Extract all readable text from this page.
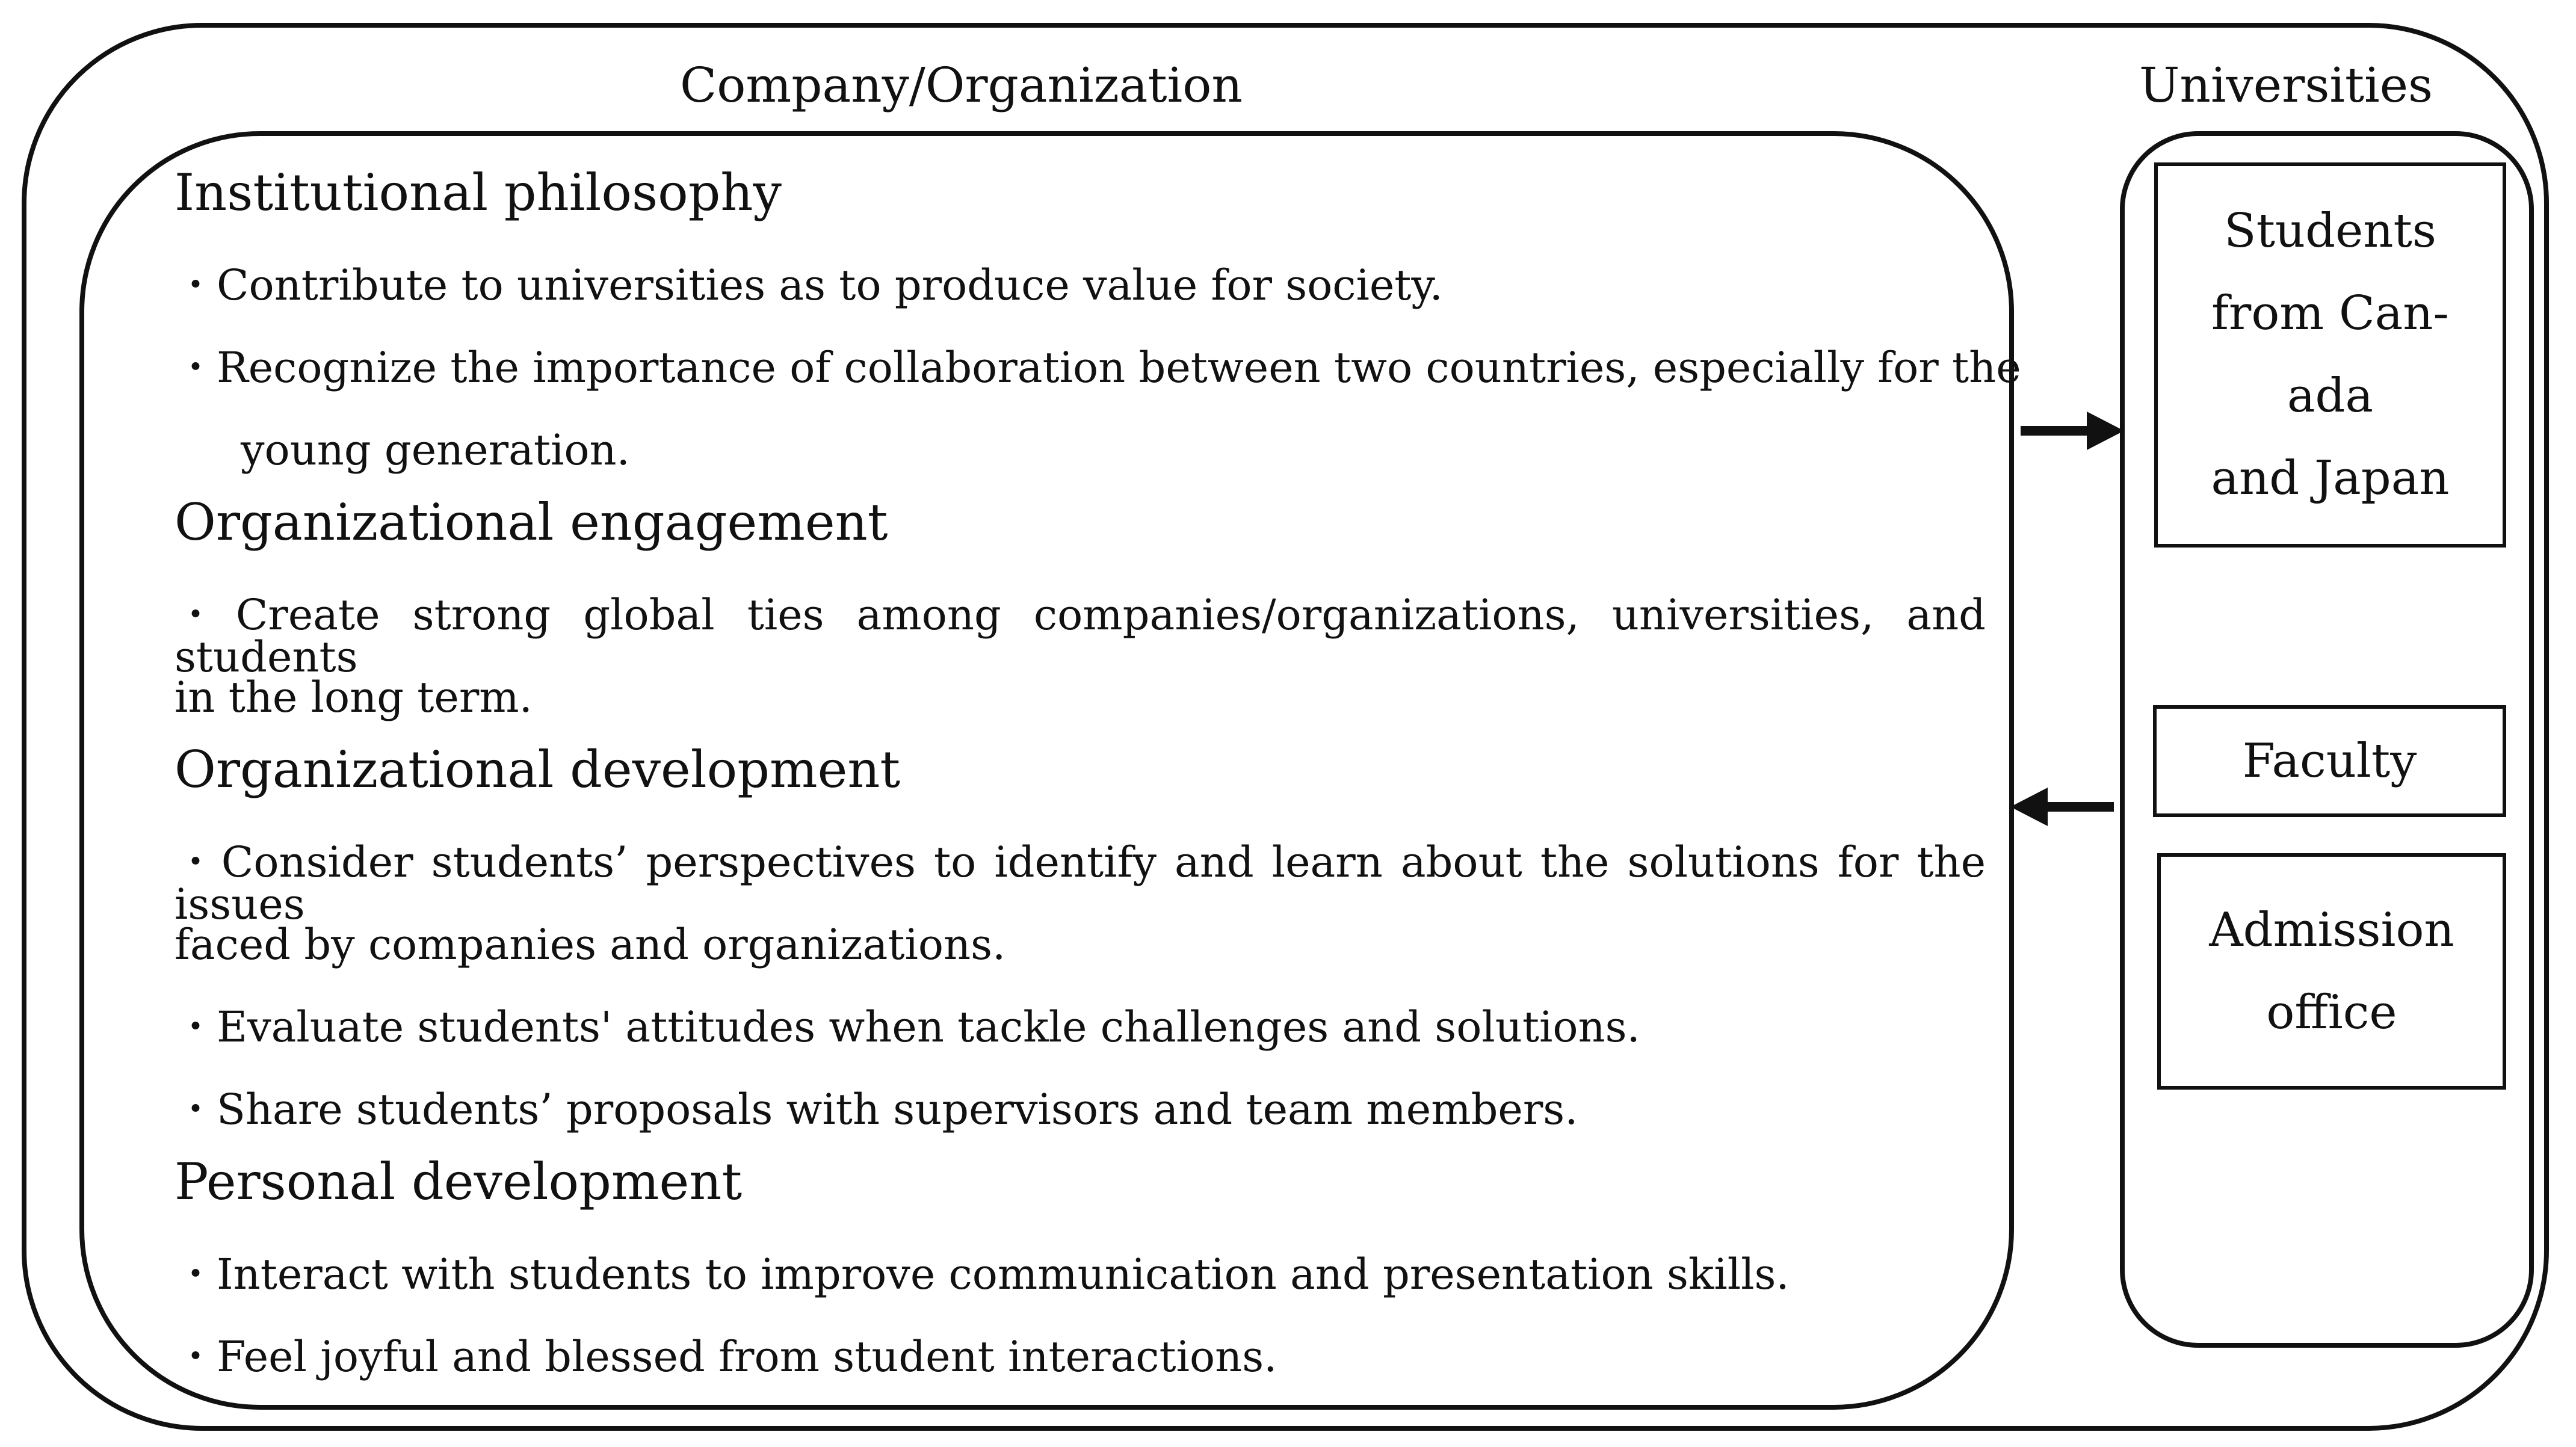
Company/Organization	Universities
Institutional philosophy
・Contribute to universities as to produce value for society.
・Recognize the importance of collaboration between two countries, especially for the
young generation.
Organizational engagement
・Create strong global ties among companies/organizations, universities, and students
in the long term.
Organizational development
・Consider students’ perspectives to identify and learn about the solutions for the issues
faced by companies and organizations.
・Evaluate students' attitudes when tackle challenges and solutions.
・Share students’ proposals with supervisors and team members.
Personal development
・Interact with students to improve communication and presentation skills.
・Feel joyful and blessed from student interactions.
Students
from Can-
ada
and Japan
Faculty
Admission
office
